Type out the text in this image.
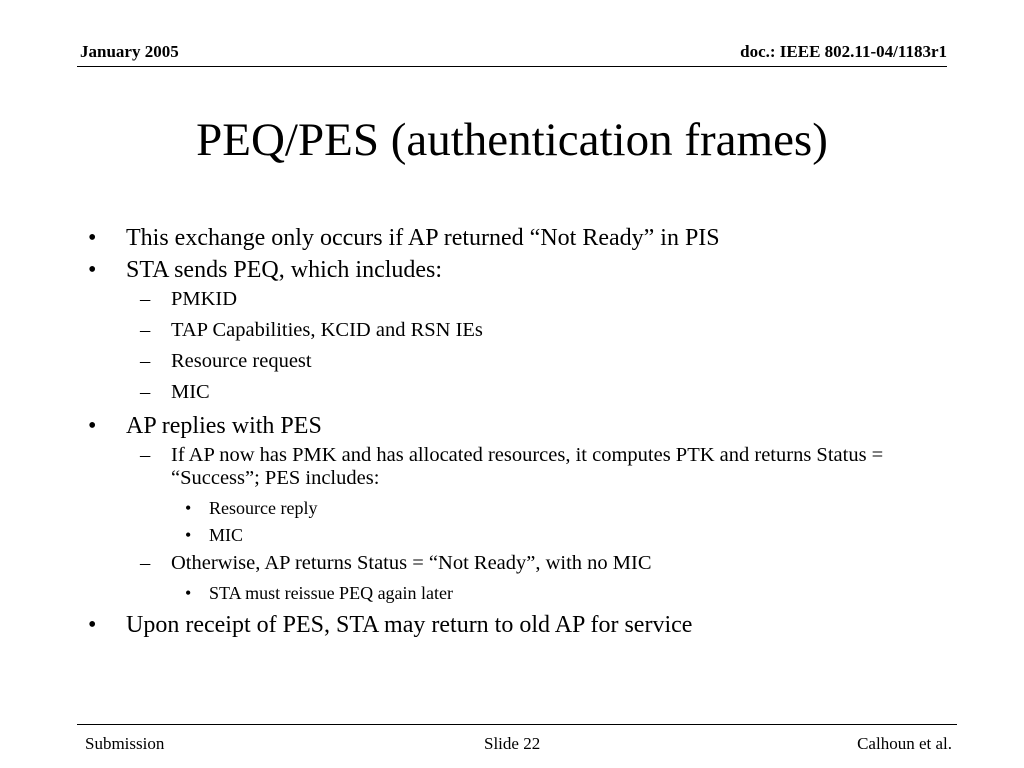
January 2005	doc.: IEEE 802.11-04/1183r1
PEQ/PES (authentication frames)
• This exchange only occurs if AP returned “Not Ready” in PIS
• STA sends PEQ, which includes:
– PMKID
– TAP Capabilities, KCID and RSN IEs
– Resource request
– MIC
• AP replies with PES
– If AP now has PMK and has allocated resources, it computes PTK and returns Status = “Success”; PES includes:
• Resource reply
• MIC
– Otherwise, AP returns Status = “Not Ready”, with no MIC
• STA must reissue PEQ again later
• Upon receipt of PES, STA may return to old AP for service
Submission	Slide 22	Calhoun et al.
